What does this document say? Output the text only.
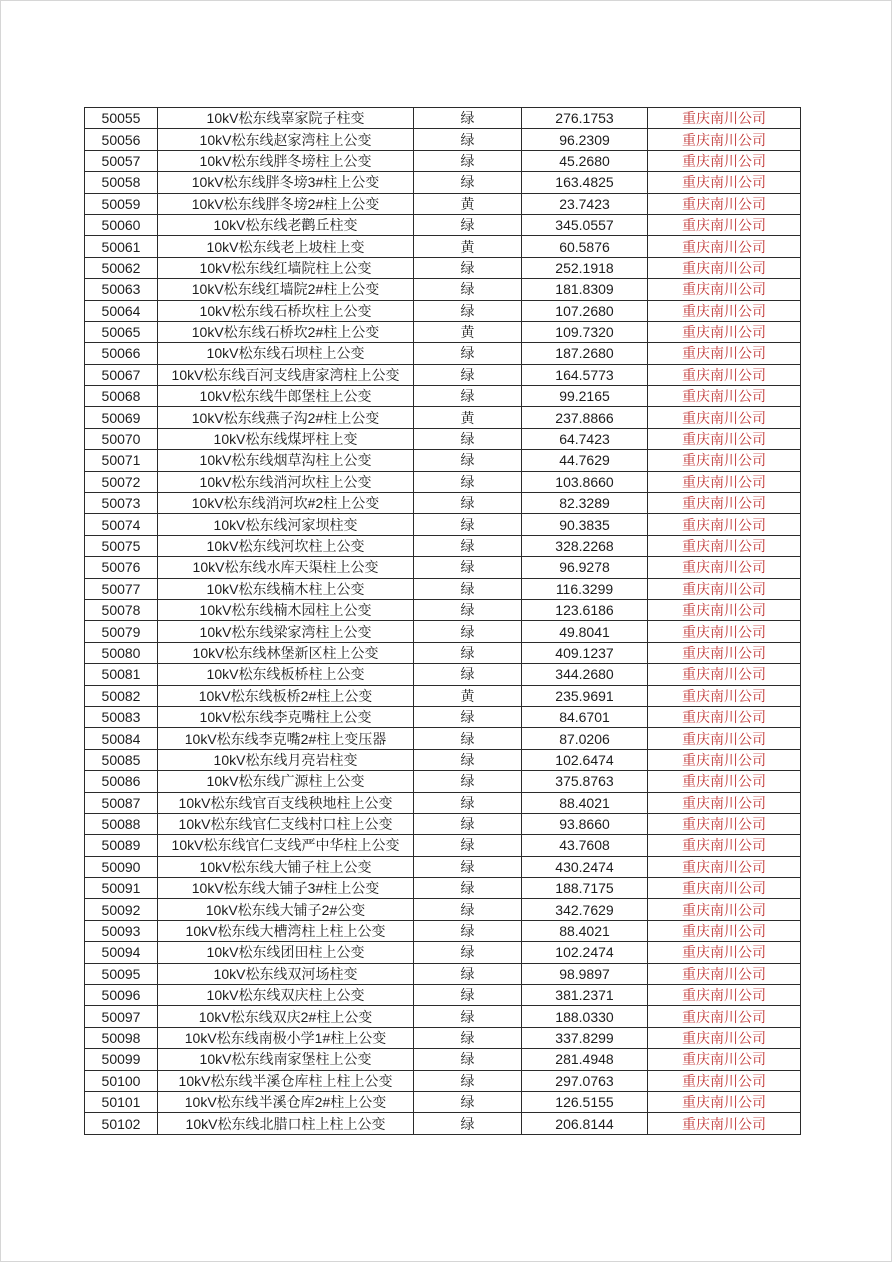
50055	10kV松东线辜家院子柱变	绿	276.1753	重庆南川公司
50056	10kV松东线赵家湾柱上公变	绿	96.2309	重庆南川公司
50057	10kV松东线胖冬塝柱上公变	绿	45.2680	重庆南川公司
50058	10kV松东线胖冬塝3#柱上公变	绿	163.4825	重庆南川公司
50059	10kV松东线胖冬塝2#柱上公变	黄	23.7423	重庆南川公司
50060	10kV松东线老鹳丘柱变	绿	345.0557	重庆南川公司
50061	10kV松东线老上坡柱上变	黄	60.5876	重庆南川公司
50062	10kV松东线红墙院柱上公变	绿	252.1918	重庆南川公司
50063	10kV松东线红墙院2#柱上公变	绿	181.8309	重庆南川公司
50064	10kV松东线石桥坎柱上公变	绿	107.2680	重庆南川公司
50065	10kV松东线石桥坎2#柱上公变	黄	109.7320	重庆南川公司
50066	10kV松东线石坝柱上公变	绿	187.2680	重庆南川公司
50067	10kV松东线百河支线唐家湾柱上公变	绿	164.5773	重庆南川公司
50068	10kV松东线牛郎堡柱上公变	绿	99.2165	重庆南川公司
50069	10kV松东线燕子沟2#柱上公变	黄	237.8866	重庆南川公司
50070	10kV松东线煤坪柱上变	绿	64.7423	重庆南川公司
50071	10kV松东线烟草沟柱上公变	绿	44.7629	重庆南川公司
50072	10kV松东线消河坎柱上公变	绿	103.8660	重庆南川公司
50073	10kV松东线消河坎#2柱上公变	绿	82.3289	重庆南川公司
50074	10kV松东线河家坝柱变	绿	90.3835	重庆南川公司
50075	10kV松东线河坎柱上公变	绿	328.2268	重庆南川公司
50076	10kV松东线水库天渠柱上公变	绿	96.9278	重庆南川公司
50077	10kV松东线楠木柱上公变	绿	116.3299	重庆南川公司
50078	10kV松东线楠木园柱上公变	绿	123.6186	重庆南川公司
50079	10kV松东线梁家湾柱上公变	绿	49.8041	重庆南川公司
50080	10kV松东线林堡新区柱上公变	绿	409.1237	重庆南川公司
50081	10kV松东线板桥柱上公变	绿	344.2680	重庆南川公司
50082	10kV松东线板桥2#柱上公变	黄	235.9691	重庆南川公司
50083	10kV松东线李克嘴柱上公变	绿	84.6701	重庆南川公司
50084	10kV松东线李克嘴2#柱上变压器	绿	87.0206	重庆南川公司
50085	10kV松东线月亮岩柱变	绿	102.6474	重庆南川公司
50086	10kV松东线广源柱上公变	绿	375.8763	重庆南川公司
50087	10kV松东线官百支线秧地柱上公变	绿	88.4021	重庆南川公司
50088	10kV松东线官仁支线村口柱上公变	绿	93.8660	重庆南川公司
50089	10kV松东线官仁支线严中华柱上公变	绿	43.7608	重庆南川公司
50090	10kV松东线大铺子柱上公变	绿	430.2474	重庆南川公司
50091	10kV松东线大铺子3#柱上公变	绿	188.7175	重庆南川公司
50092	10kV松东线大铺子2#公变	绿	342.7629	重庆南川公司
50093	10kV松东线大槽湾柱上柱上公变	绿	88.4021	重庆南川公司
50094	10kV松东线团田柱上公变	绿	102.2474	重庆南川公司
50095	10kV松东线双河场柱变	绿	98.9897	重庆南川公司
50096	10kV松东线双庆柱上公变	绿	381.2371	重庆南川公司
50097	10kV松东线双庆2#柱上公变	绿	188.0330	重庆南川公司
50098	10kV松东线南极小学1#柱上公变	绿	337.8299	重庆南川公司
50099	10kV松东线南家堡柱上公变	绿	281.4948	重庆南川公司
50100	10kV松东线半溪仓库柱上柱上公变	绿	297.0763	重庆南川公司
50101	10kV松东线半溪仓库2#柱上公变	绿	126.5155	重庆南川公司
50102	10kV松东线北腊口柱上柱上公变	绿	206.8144	重庆南川公司
